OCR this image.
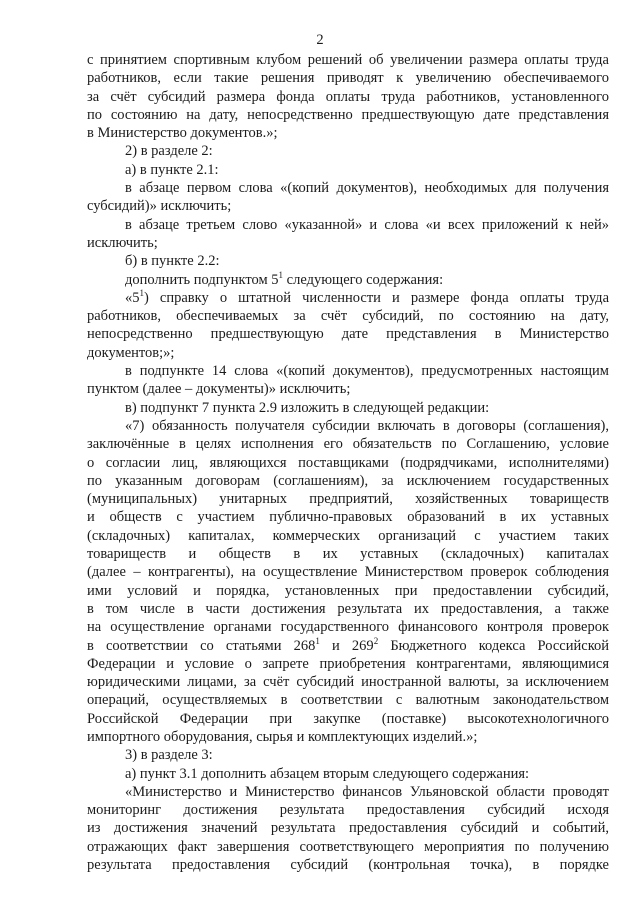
2
с принятием спортивным клубом решений об увеличении размера оплаты труда
работников, если такие решения приводят к увеличению обеспечиваемого
за счёт субсидий размера фонда оплаты труда работников, установленного
по состоянию на дату, непосредственно предшествующую дате представления
в Министерство документов.»;
2) в разделе 2:
а) в пункте 2.1:
в абзаце первом слова «(копий документов), необходимых для получения
субсидий)» исключить;
в абзаце третьем слово «указанной» и слова «и всех приложений к ней»
исключить;
б) в пункте 2.2:
дополнить подпунктом $5^1$ следующего содержания:
«$5^1$) справку о штатной численности и размере фонда оплаты труда
работников, обеспечиваемых за счёт субсидий, по состоянию на дату,
непосредственно предшествующую дате представления в Министерство
документов;»;
в подпункте 14 слова «(копий документов), предусмотренных настоящим
пунктом (далее – документы)» исключить;
в) подпункт 7 пункта 2.9 изложить в следующей редакции:
«7) обязанность получателя субсидии включать в договоры (соглашения),
заключённые в целях исполнения его обязательств по Соглашению, условие
о согласии лиц, являющихся поставщиками (подрядчиками, исполнителями)
по указанным договорам (соглашениям), за исключением государственных
(муниципальных) унитарных предприятий, хозяйственных товариществ
и обществ с участием публично-правовых образований в их уставных
(складочных) капиталах, коммерческих организаций с участием таких
товариществ и обществ в их уставных (складочных) капиталах
(далее – контрагенты), на осуществление Министерством проверок соблюдения
ими условий и порядка, установленных при предоставлении субсидий,
в том числе в части достижения результата их предоставления, а также
на осуществление органами государственного финансового контроля проверок
в соответствии со статьями $268^1$ и $269^2$ Бюджетного кодекса Российской
Федерации и условие о запрете приобретения контрагентами, являющимися
юридическими лицами, за счёт субсидий иностранной валюты, за исключением
операций, осуществляемых в соответствии с валютным законодательством
Российской Федерации при закупке (поставке) высокотехнологичного
импортного оборудования, сырья и комплектующих изделий.»;
3) в разделе 3:
а) пункт 3.1 дополнить абзацем вторым следующего содержания:
«Министерство и Министерство финансов Ульяновской области проводят
мониторинг достижения результата предоставления субсидий исходя
из достижения значений результата предоставления субсидий и событий,
отражающих факт завершения соответствующего мероприятия по получению
результата предоставления субсидий (контрольная точка), в порядке
